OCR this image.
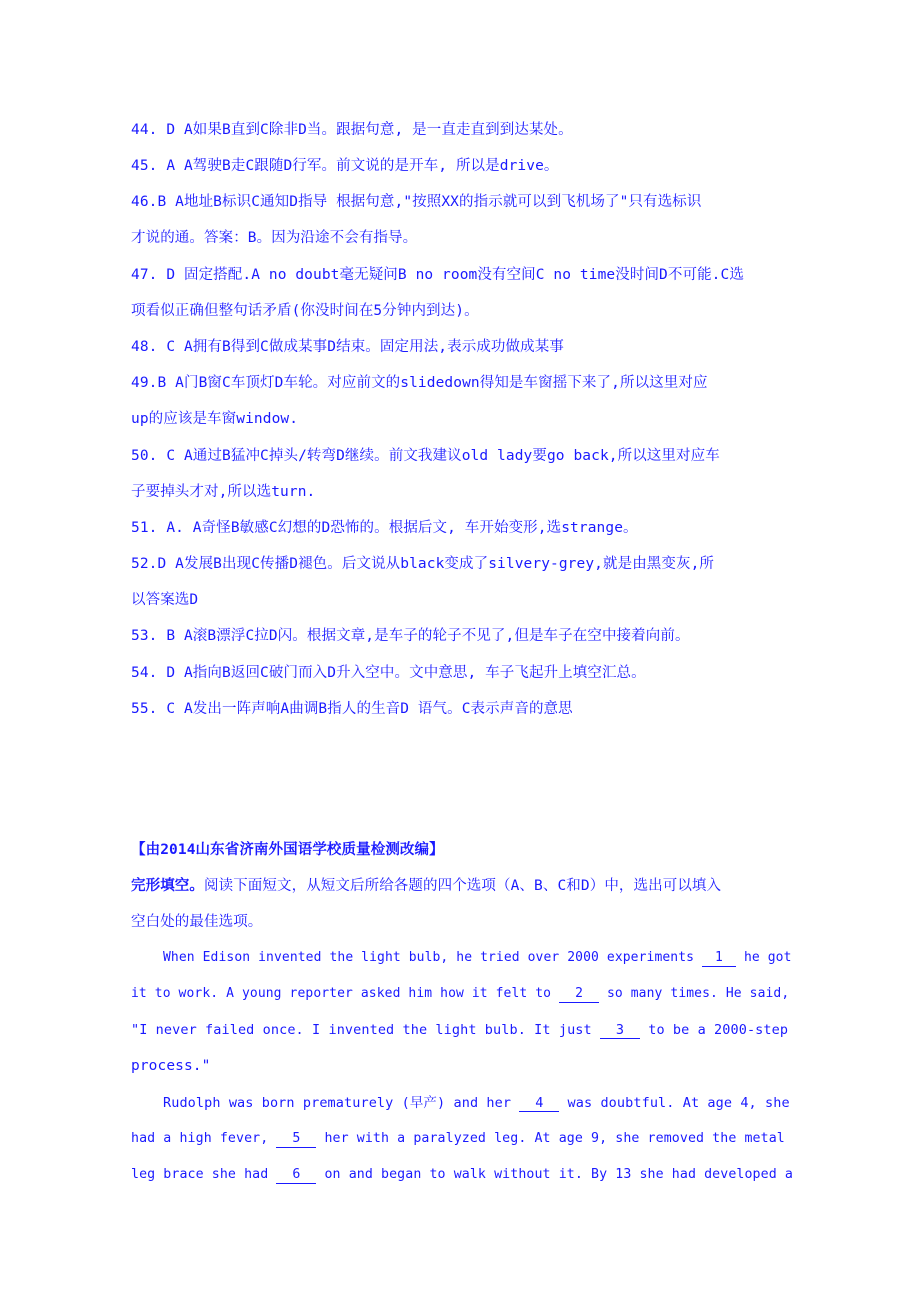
44. D A如果B直到C除非D当。跟据句意, 是一直走直到到达某处。
45. A A驾驶B走C跟随D行军。前文说的是开车, 所以是drive。
46.B A地址B标识C通知D指导 根据句意,"按照XX的指示就可以到飞机场了"只有选标识
才说的通。答案：B。因为沿途不会有指导。
47. D 固定搭配.A no doubt毫无疑问B no room没有空间C no time没时间D不可能.C选
项看似正确但整句话矛盾(你没时间在5分钟内到达)。
48. C A拥有B得到C做成某事D结束。固定用法,表示成功做成某事
49.B A门B窗C车顶灯D车轮。对应前文的slidedown得知是车窗摇下来了,所以这里对应
up的应该是车窗window.
50. C A通过B猛冲C掉头/转弯D继续。前文我建议old lady要go back,所以这里对应车
子要掉头才对,所以选turn.
51. A. A奇怪B敏感C幻想的D恐怖的。根据后文, 车开始变形,选strange。
52.D A发展B出现C传播D褪色。后文说从black变成了silvery-grey,就是由黑变灰,所
以答案选D
53. B A滚B漂浮C拉D闪。根据文章,是车子的轮子不见了,但是车子在空中接着向前。
54. D A指向B返回C破门而入D升入空中。文中意思, 车子飞起升上填空汇总。
55. C A发出一阵声响A曲调B指人的生音D 语气。C表示声音的意思
【由2014山东省济南外国语学校质量检测改编】
完形填空。阅读下面短文，从短文后所给各题的四个选项（A、B、C和D）中，选出可以填入
空白处的最佳选项。
When Edison invented the light bulb, he tried over 2000 experiments 1 he got
it to work. A young reporter asked him how it felt to 2 so many times. He said,
"I never failed once. I invented the light bulb. It just 3 to be a 2000-step
process."
Rudolph was born prematurely (早产) and her 4 was doubtful. At age 4, she
had a high fever, 5 her with a paralyzed leg. At age 9, she removed the metal
leg brace she had 6 on and began to walk without it. By 13 she had developed a
